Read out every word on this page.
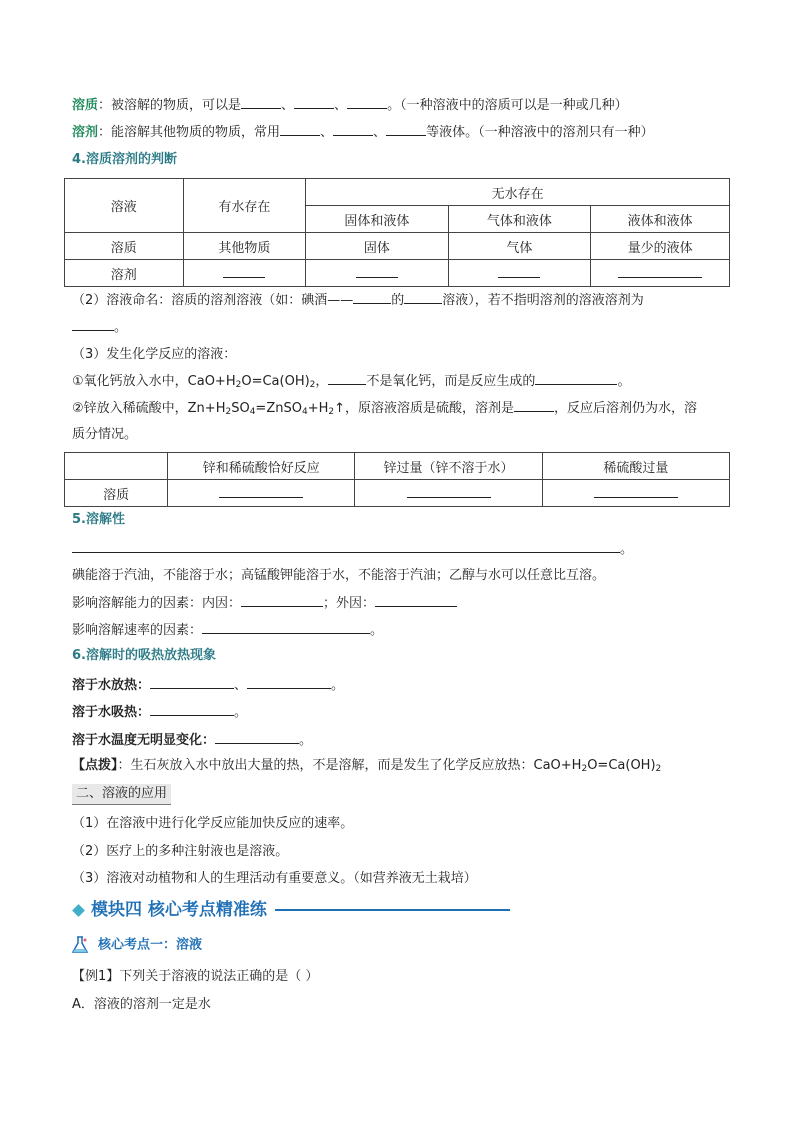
溶质：被溶解的物质，可以是	、	、	。（一种溶液中的溶质可以是一种或几种）
溶剂：能溶解其他物质的物质，常用	、	、	等液体。（一种溶液中的溶剂只有一种）
4.溶质溶剂的判断
溶液	有水存在	无水存在		
		固体和液体	气体和液体	液体和液体
溶质	其他物质	固体	气体	量少的液体
溶剂				
（2）溶液命名：溶质的溶剂溶液（如：碘酒——	的	溶液），若不指明溶剂的溶液溶剂为
。
（3）发生化学反应的溶液：
①氧化钙放入水中，$CaO+H_2O=Ca(OH)_2$，	不是氧化钙，而是反应生成的	。
②锌放入稀硫酸中，$Zn+H_2SO_4=ZnSO_4+H_2↑$，原溶液溶质是硫酸，溶剂是	，反应后溶剂仍为水，溶
质分情况。
	锌和稀硫酸恰好反应	锌过量（锌不溶于水）	稀硫酸过量
溶质			
5.溶解性
。
碘能溶于汽油，不能溶于水；高锰酸钾能溶于水，不能溶于汽油；乙醇与水可以任意比互溶。
影响溶解能力的因素：内因：	；外因：
影响溶解速率的因素：	。
6.溶解时的吸热放热现象
溶于水放热：	、	。
溶于水吸热：	。
溶于水温度无明显变化：	。
【点拨】：生石灰放入水中放出大量的热，不是溶解，而是发生了化学反应放热：$CaO+H_2O=Ca(OH)_2$
二、溶液的应用
（1）在溶液中进行化学反应能加快反应的速率。
（2）医疗上的多种注射液也是溶液。
（3）溶液对动植物和人的生理活动有重要意义。（如营养液无土栽培）
模块四 核心考点精准练
核心考点一：溶液
【例1】下列关于溶液的说法正确的是（ ）
A．溶液的溶剂一定是水
